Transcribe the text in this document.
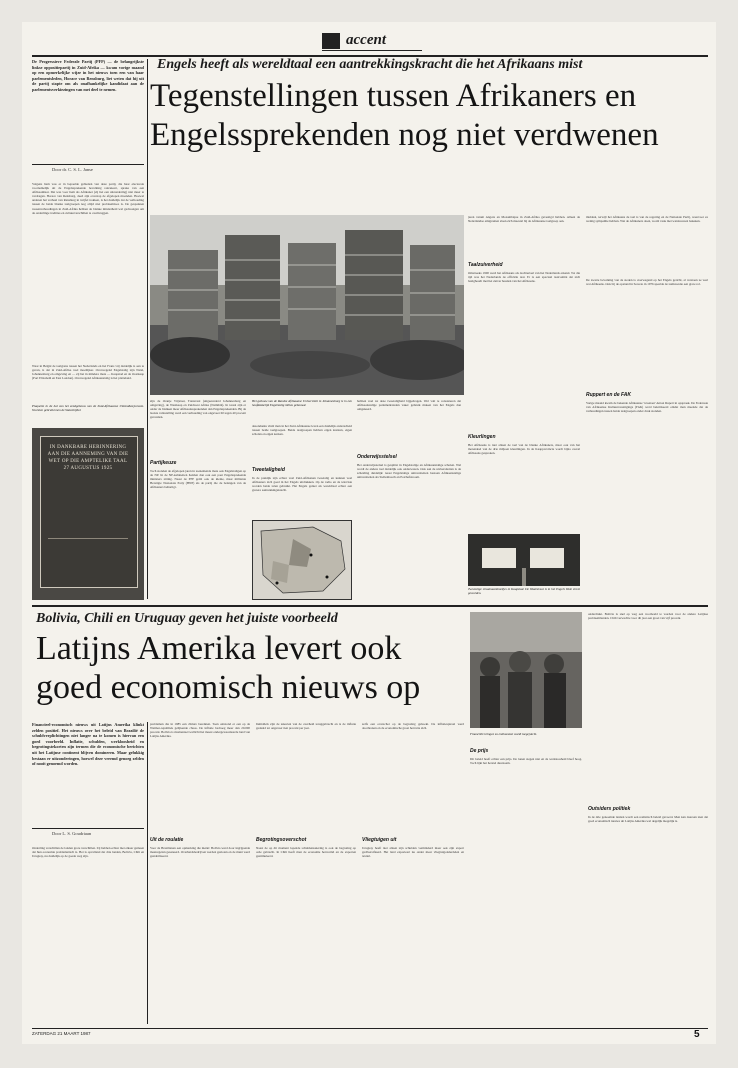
accent
De Progressieve Federale Partij (PFP) — de belangrijkste linkse oppositiepartij in Zuid-Afrika — kwam vorige maand op een opmerkelijke wijze in het nieuws toen een van haar parlementsleden, Horace van Rensburg, liet weten dat hij uit de partij stapte om als onafhankelijke kandidaat aan de parlementsverkiezingen van mei deel te nemen.
Door dr. C. S. L. Janse
Engels heeft als wereldtaal een aantrekkingskracht die het Afrikaans mist
Tegenstellingen tussen Afrikaners en
Engelssprekenden nog niet verdwenen
Volgens hem was er in bepaalde gebieden van deze partij, die haar electorale voornamelijk uit de Engelssprekende bevolking rekruteert, sprake van een Afrikaanhaat. Dat was voor hem als Afrikaner (zij het een uitzondering) niet meer te verdragen. Horace van Rensburg, deed zijn overstap de afgelopen maanden. Hoewel anderen het verhaal van Rensburg in twijfel trokken, is het duidelijk dat de verhouding tussen de beide blanke taalgroepen nog altijd niet probleemloos is. De gespannen rassenverhoudingen in Zuid-Afrika hebben de blanke minderheid wel gedwongen om de onderlinge tradities en cultuurverschillen te overbruggen.
Waar in België de taalgrens tussen het Nederlands en het Frans vrij duidelijk is aan te geven, is dat in Zuid-Afrika veel moeilijker. Overwegend Engelstalig zijn Natal, Johannesburg en omgeving en — zij het in mindere mate — Kaapstad en de Oostkaap (Port Elizabeth en East London). Overwegend Afrikaanstalig is het platteland.
Plaquette in de hal van het zendgebouw van de Zuid-Afrikaanse Uitzendkorporasie. Voorzien gebruikt men de Statenbijbel.
IN DANKBARE HERINNERING AAN DIE AANNEMING VAN DIE WET OP DIE AMPTELIKE TAAL 27 AUGUSTUS 1925
zijn de Oranje Vrijstaat, Transvaal (uitgezonderd Johannesburg en omgeving), de Westkaap en Zuidwest Afrika (Namibië). In totaal zijn er onder de blanken meer Afrikaanssprekenden dan Engelssprekenden. Bij de laatste volkstelling werd een verhouding van ongeveer 60 tegen 40 procent gevonden.
Partijkeuze
Toch stonden de afgelopen jaren in toenemende mate ook Engelstaligen op de NP. In de NP-kabinetten hadden dan ook een paar Engelssprekende ministers zitting. Naast de PFP geldt ook de kleine, maar militante Herstigte Nasionale Party (HNP) als de partij die de belangen van de Afrikaners behartigt.
Het gebouw van de Randse Afrikaanse Universiteit in Johannesburg is in een hoofdzakelijk Engelstalig milieu gebouwd.
desondanks vindt men in het Zuid-Afrikaanse leven een duidelijk onderscheid tussen beide taalgroepen. Beide taalgroepen hebben eigen kranten, eigen scholen en eigen kerken.
Tweetaligheid
In de praktijk zijn echter veel Zuid-Afrikanen tweetalig en kunnen veel Afrikaners zich goed in het Engels uitdrukken. Op de radio en de televisie worden beide talen gebruikt. Het Engels geniet als wereldtaal echter een grotere aantrekkingskracht.
hebben veel tot deze tweetaligheid bijgedragen. Wel valt te constateren dat Afrikaanstalige parlementsleden vaker gebruik maken van het Engels dan omgekeerd.
Onderwijsstelsel
Het onderwijsstelsel is gesplitst in Engelstalige en Afrikaanstalige scholen. Wel wordt de andere taal duidelijk ook onderwezen. Ook aan de universiteiten is de scheiding duidelijk: naast Engelstalige universiteiten bestaan Afrikaanstalige universiteiten als Stellenbosch en Potchefstroom.
jaren vanuit Angola en Mozambique in Zuid-Afrika gevestigd hebben. Alleen de Nederlandse emigranten slaan zich meestal bij de Afrikaanse taalgroep aan.
Taalzuiverheid
Omstreeks 1900 werd het Afrikaans als dochtertaal van het Nederlands erkend. Tot die tijd was het Nederlands de officiële taal. Er is een speciaal taalcomité dat zich bezighoudt met het zuiver houden van het Afrikaans.
Kleurlingen
Het Afrikaans is niet alleen de taal van de blanke Afrikaners, maar ook van het merendeel van de drie miljoen kleurlingen. In de Kaapprovincie wordt bijna overal Afrikaans gesproken.
Tweetalige straatnaambordjes in Kaapstad. De Waalstraat is in het Engels Wale street geworden.
middaal, terwijl het Afrikaans de taal is van de regering en de Nationale Partij, waarvoor ze weinig sympathie hebben. Wat de Afrikaners doen, wordt vaak met wantrouwen bekeken.
De zwarte bevolking van de steden is overwegend op het Engels gericht, al verstaan ze veel wat Afrikaans. Ook bij de opstand in Soweto in 1976 speelde de taalkwestie een grote rol.
Ruppert en de FAK
Vorige maand kwam de bekende Afrikaanse 'tovenaar' Anton Rupert in opspraak. De Federasie van Afrikaanse Kultuurvereniginge (FAK) werd bekritiseerd omdat men meende dat de verhoudingen tussen beide taalgroepen onder druk stonden.
Bolivia, Chili en Uruguay geven het juiste voorbeeld
Latijns Amerika levert ook
goed economisch nieuws op
Financieel-economisch nieuws uit Latijns Amerika klinkt zelden positief. Het nieuws over het beleid van Brazilië de schuldverplichtingen niet langer na te komen is hiervan een goed voorbeeld. Inflatie, schulden, werkloosheid en begrotingstekorten zijn termen die de economische berichten uit het Latijnse continent blijven domineren. Maar gelukkig bestaan er uitzonderingen, hoewel deze vreemd genoeg zelden of nooit genoemd worden.
Door L. S. Goudriaan
Onderling verschillen de landen grote verschillen. Zij hebben echter met elkaar gemeen dat hun economie problematisch is. Het is opvallend dat drie landen, Bolivia, Chili en Uruguay, nu duidelijk op de goede weg zijn.
problemen die in 1985 een climax bereikten. Toen ontstond er een op de Weimar-republiek gelijkende chaos. De inflatie bedroeg meer dan 20.000 procent. Bolivia is momenteel wellicht het meest ondergewaardeerde land van Latijns Amerika.
Uit de roulatie
Voor de Brazilianen een opmerking die merkt: Bolivia werd door ingrijpende maatregelen gesaneerd. Overheidsbedrijven werden gesloten en de munt werd gestabiliseerd.
Inmiddels zijn de tekorten van de overheid teruggebracht en is de inflatie gedaald tot ongeveer tien procent per jaar.
Begrotingsoverschot
Naast de op dit moment lopende schuldensanering is ook de begroting op orde gebracht. In Chili heeft men de economie hervormd en de exporten gestimuleerd.
zelfs een overschot op de begroting geboekt. De inflatiespiraal werd doorbroken en de economische groei hervatte zich.
Vliegtuigen uit
Uruguay heeft niet alleen zijn schulden verminderd maar ook zijn export gediversifieerd. Het land exporteert nu onder meer vliegtuigonderdelen en textiel.
Financiële kringen zo enthousiast wordt toegejuicht.
De prijs
Dit beleid heeft echter een prijs. De lonen stegen niet en de werkloosheid bleef hoog. Toch lijkt het herstel duurzaam.
onderdrukt. Bolivia is snel op weg een voorbeeld te worden voor de andere Latijnse probleemlanden. Chili verwachte voor dit jaar een groei van vijf procent.
Outsiders politiek
In de drie genoemde landen wordt een realistisch beleid gevoerd. Men kan daaraan zien dat goed economisch nieuws uit Latijns Amerika wel degelijk mogelijk is.
ZATERDAG 21 MAART 1987	5
